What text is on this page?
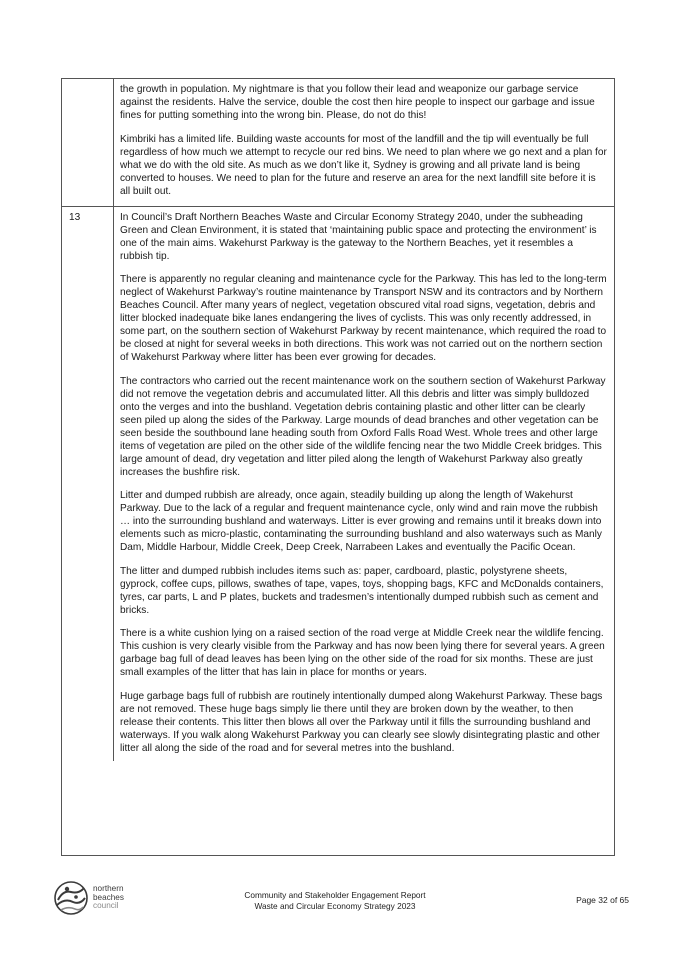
the growth in population. My nightmare is that you follow their lead and weaponize our garbage service against the residents. Halve the service, double the cost then hire people to inspect our garbage and issue fines for putting something into the wrong bin. Please, do not do this!

Kimbriki has a limited life. Building waste accounts for most of the landfill and the tip will eventually be full regardless of how much we attempt to recycle our red bins. We need to plan where we go next and a plan for what we do with the old site. As much as we don’t like it, Sydney is growing and all private land is being converted to houses. We need to plan for the future and reserve an area for the next landfill site before it is all built out.

13	In Council’s Draft Northern Beaches Waste and Circular Economy Strategy 2040, under the subheading Green and Clean Environment, it is stated that ‘maintaining public space and protecting the environment’ is one of the main aims. Wakehurst Parkway is the gateway to the Northern Beaches, yet it resembles a rubbish tip.

There is apparently no regular cleaning and maintenance cycle for the Parkway. This has led to the long-term neglect of Wakehurst Parkway’s routine maintenance by Transport NSW and its contractors and by Northern Beaches Council. After many years of neglect, vegetation obscured vital road signs, vegetation, debris and litter blocked inadequate bike lanes endangering the lives of cyclists. This was only recently addressed, in some part, on the southern section of Wakehurst Parkway by recent maintenance, which required the road to be closed at night for several weeks in both directions. This work was not carried out on the northern section of Wakehurst Parkway where litter has been ever growing for decades.

The contractors who carried out the recent maintenance work on the southern section of Wakehurst Parkway did not remove the vegetation debris and accumulated litter. All this debris and litter was simply bulldozed onto the verges and into the bushland. Vegetation debris containing plastic and other litter can be clearly seen piled up along the sides of the Parkway. Large mounds of dead branches and other vegetation can be seen beside the southbound lane heading south from Oxford Falls Road West. Whole trees and other large items of vegetation are piled on the other side of the wildlife fencing near the two Middle Creek bridges. This large amount of dead, dry vegetation and litter piled along the length of Wakehurst Parkway also greatly increases the bushfire risk.

Litter and dumped rubbish are already, once again, steadily building up along the length of Wakehurst Parkway. Due to the lack of a regular and frequent maintenance cycle, only wind and rain move the rubbish … into the surrounding bushland and waterways. Litter is ever growing and remains until it breaks down into elements such as micro-plastic, contaminating the surrounding bushland and also waterways such as Manly Dam, Middle Harbour, Middle Creek, Deep Creek, Narrabeen Lakes and eventually the Pacific Ocean.

The litter and dumped rubbish includes items such as: paper, cardboard, plastic, polystyrene sheets, gyprock, coffee cups, pillows, swathes of tape, vapes, toys, shopping bags, KFC and McDonalds containers, tyres, car parts, L and P plates, buckets and tradesmen’s intentionally dumped rubbish such as cement and bricks.

There is a white cushion lying on a raised section of the road verge at Middle Creek near the wildlife fencing. This cushion is very clearly visible from the Parkway and has now been lying there for several years. A green garbage bag full of dead leaves has been lying on the other side of the road for six months. These are just small examples of the litter that has lain in place for months or years.

Huge garbage bags full of rubbish are routinely intentionally dumped along Wakehurst Parkway. These bags are not removed. These huge bags simply lie there until they are broken down by the weather, to then release their contents. This litter then blows all over the Parkway until it fills the surrounding bushland and waterways. If you walk along Wakehurst Parkway you can clearly see slowly disintegrating plastic and other litter all along the side of the road and for several metres into the bushland.

northern
beaches
council
Community and Stakeholder Engagement Report
Waste and Circular Economy Strategy 2023
Page 32 of 65
